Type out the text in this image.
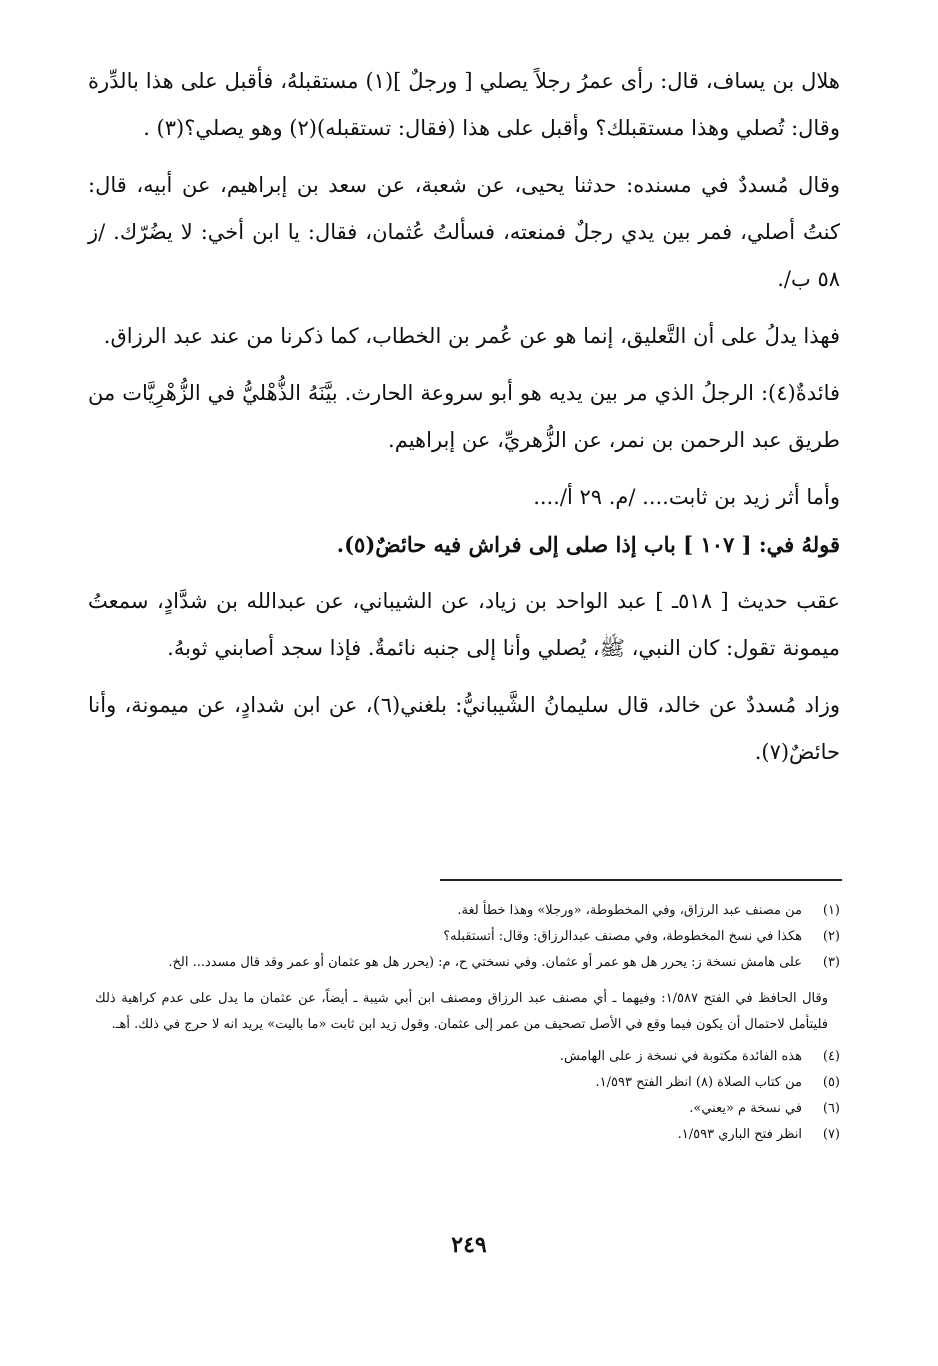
هلال بن يساف، قال: رأى عمرُ رجلاً يصلي [ ورجلٌ ](١) مستقبلهُ، فأقبل على هذا بالدِّرة وقال: تُصلي وهذا مستقبلك؟ وأقبل على هذا (فقال: تستقبله)(٢) وهو يصلي؟(٣) .

وقال مُسددٌ في مسنده: حدثنا يحيى، عن شعبة، عن سعد بن إبراهيم، عن أبيه، قال: كنتُ أصلي، فمر بين يدي رجلٌ فمنعته، فسألتُ عُثمان، فقال: يا ابن أخي: لا يضُرّك. /ز ٥٨ ب/.

فهذا يدلُ على أن التَّعليق، إنما هو عن عُمر بن الخطاب، كما ذكرنا من عند عبد الرزاق.

فائدةٌ(٤): الرجلُ الذي مر بين يديه هو أبو سروعة الحارث. بيَّنَهُ الذُّهْليُّ في الزُّهْرِيَّات من طريق عبد الرحمن بن نمر، عن الزُّهريِّ، عن إبراهيم.

وأما أثر زيد بن ثابت.... /م. ٢٩ أ/....

قولهُ في: [ ١٠٧ ] باب إذا صلى إلى فراش فيه حائضٌ(٥).

عقب حديث [ ٥١٨ـ ] عبد الواحد بن زياد، عن الشيباني، عن عبدالله بن شدَّادٍ، سمعتُ ميمونة تقول: كان النبي، ﷺ، يُصلي وأنا إلى جنبه نائمةٌ. فإذا سجد أصابني ثوبهُ.

وزاد مُسددٌ عن خالد، قال سليمانُ الشَّيبانيُّ: بلغني(٦)، عن ابن شدادٍ، عن ميمونة، وأنا حائضٌ(٧).

(١)
من مصنف عبد الرزاق، وفي المخطوطة، «ورجلا» وهذا خطأ لغة.
(٢)
هكذا في نسخ المخطوطة، وفي مصنف عبدالرزاق: وقال: أتستقبله؟
(٣)
على هامش نسخة ز: يحرر هل هو عمر أو عثمان. وفي نسختي ح، م: (يحرر هل هو عثمان أو عمر وقد قال مسدد... الخ.
وقال الحافظ في الفتح ١/٥٨٧: وفيهما ـ أي مصنف عبد الرزاق ومصنف ابن أبي شيبة ـ أيضاً، عن عثمان ما يدل على عدم كراهية ذلك فليتأمل لاحتمال أن يكون فيما وقع في الأصل تصحيف من عمر إلى عثمان. وقول زيد ابن ثابت «ما باليت» يريد انه لا حرج في ذلك. أهـ.
(٤)
هذه الفائدة مكتوبة في نسخة ز على الهامش.
(٥)
من كتاب الصلاة (٨) انظر الفتح ١/٥٩٣.
(٦)
في نسخة م «يعني».
(٧)
انظر فتح الباري ١/٥٩٣.
٢٤٩
